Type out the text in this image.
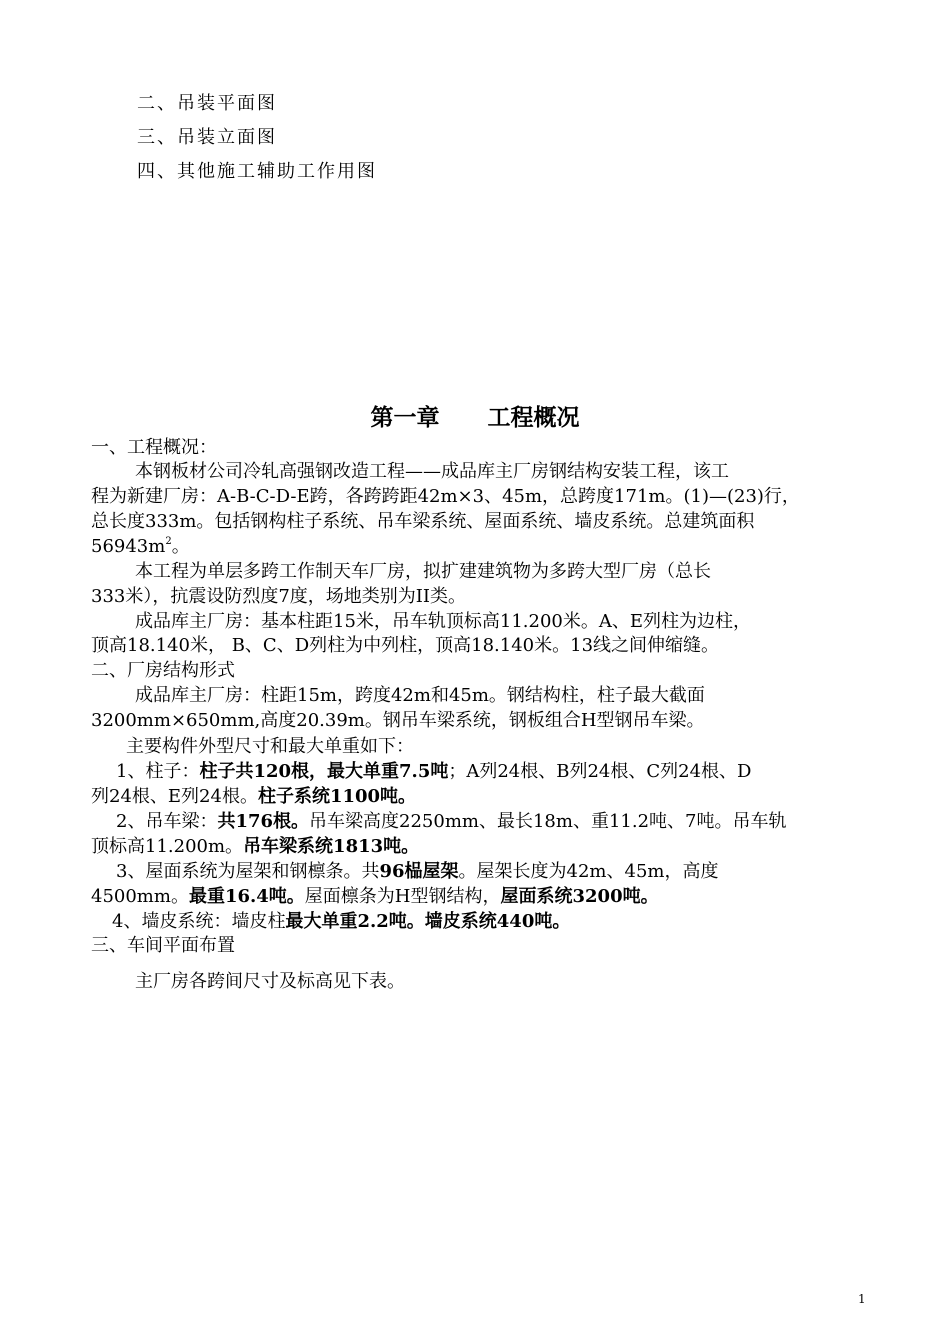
二、吊装平面图
三、吊装立面图
四、其他施工辅助工作用图
第一章 工程概况
一、工程概况：
本钢板材公司冷轧高强钢改造工程——成品库主厂房钢结构安装工程，该工
程为新建厂房：A-B-C-D-E跨，各跨跨距42m×3、45m，总跨度171m。(1)—(23)行，
总长度333m。包括钢构柱子系统、吊车梁系统、屋面系统、墙皮系统。总建筑面积
$56943m^2$。
本工程为单层多跨工作制天车厂房，拟扩建建筑物为多跨大型厂房（总长
333米），抗震设防烈度7度，场地类别为II类。
成品库主厂房：基本柱距15米，吊车轨顶标高11.200米。A、E列柱为边柱，
顶高18.140米， B、C、D列柱为中列柱，顶高18.140米。13线之间伸缩缝。
二、厂房结构形式
成品库主厂房：柱距15m，跨度42m和45m。钢结构柱，柱子最大截面
3200mm×650mm,高度20.39m。钢吊车梁系统，钢板组合H型钢吊车梁。
主要构件外型尺寸和最大单重如下：
1、柱子：柱子共120根，最大单重7.5吨；A列24根、B列24根、C列24根、D
列24根、E列24根。柱子系统1100吨。
2、吊车梁：共176根。吊车梁高度2250mm、最长18m、重11.2吨、7吨。吊车轨
顶标高11.200m。吊车梁系统1813吨。
3、屋面系统为屋架和钢檩条。共96榀屋架。屋架长度为42m、45m，高度
4500mm。最重16.4吨。屋面檩条为H型钢结构，屋面系统3200吨。
4、墙皮系统：墙皮柱最大单重2.2吨。墙皮系统440吨。
三、车间平面布置
主厂房各跨间尺寸及标高见下表。
1
